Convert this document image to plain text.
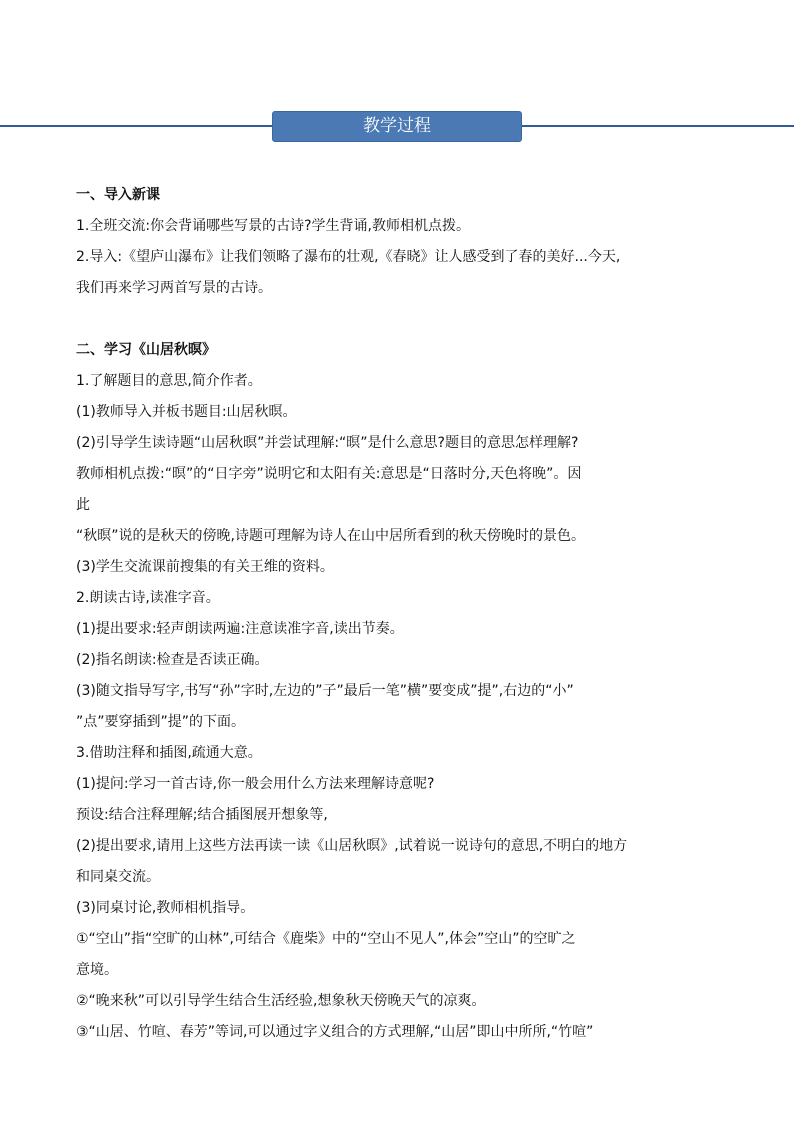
教学过程
一、导入新课

1.全班交流:你会背诵哪些写景的古诗?学生背诵,教师相机点拨。

2.导入:《望庐山瀑布》让我们领略了瀑布的壮观,《春晓》让人感受到了春的美好...今天,

我们再来学习两首写景的古诗。

二、学习《山居秋暝》

1.了解题目的意思,简介作者。

(1)教师导入并板书题目:山居秋暝。

(2)引导学生读诗题“山居秋暝”并尝试理解:“暝”是什么意思?题目的意思怎样理解?

教师相机点拨:“暝”的“日字旁”说明它和太阳有关:意思是“日落时分,天色将晚”。因

此

“秋暝”说的是秋天的傍晚,诗题可理解为诗人在山中居所看到的秋天傍晚时的景色。

(3)学生交流课前搜集的有关王维的资料。

2.朗读古诗,读准字音。

(1)提出要求:轻声朗读两遍:注意读准字音,读出节奏。

(2)指名朗读:检查是否读正确。

(3)随文指导写字,书写“孙”字时,左边的”子”最后一笔”横”要变成”提”,右边的“小”

”点”要穿插到”提”的下面。

3.借助注释和插图,疏通大意。

(1)提问:学习一首古诗,你一般会用什么方法来理解诗意呢?

预设:结合注释理解;结合插图展开想象等,

(2)提出要求,请用上这些方法再读一读《山居秋暝》,试着说一说诗句的意思,不明白的地方

和同桌交流。

(3)同桌讨论,教师相机指导。

①“空山”指“空旷的山林”,可结合《鹿柴》中的“空山不见人”,体会”空山”的空旷之

意境。

②“晚来秋”可以引导学生结合生活经验,想象秋天傍晚天气的凉爽。

③“山居、竹喧、春芳”等词,可以通过字义组合的方式理解,“山居”即山中所所,“竹喧”
